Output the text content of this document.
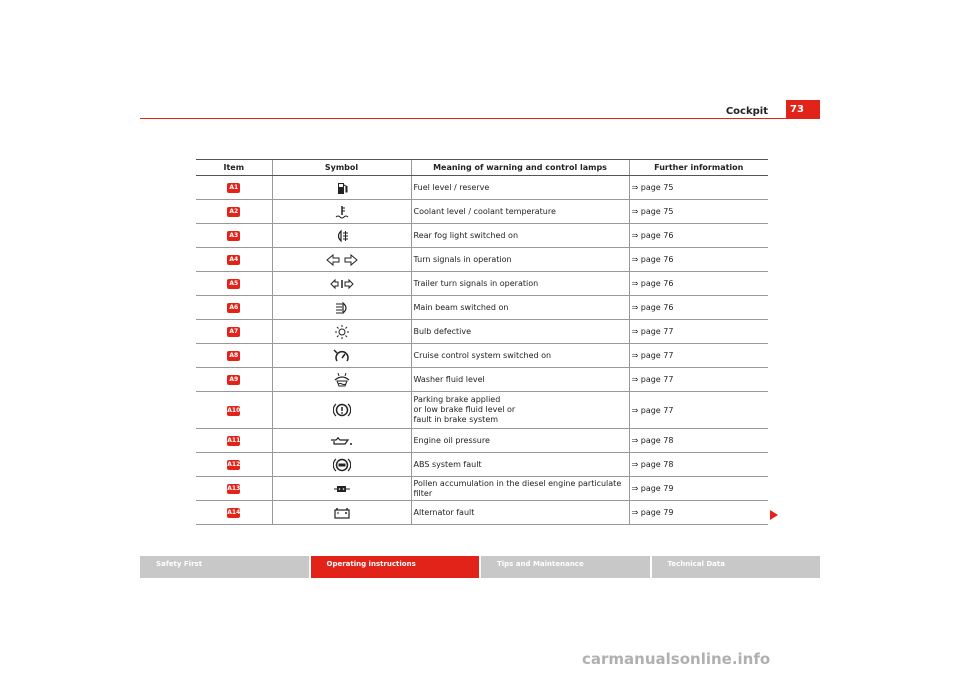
Cockpit	73
Item	Symbol	Meaning of warning and control lamps	Further information
A1		Fuel level / reserve	⇒ page 75
A2		Coolant level / coolant temperature	⇒ page 75
A3		Rear fog light switched on	⇒ page 76
A4		Turn signals in operation	⇒ page 76
A5		Trailer turn signals in operation	⇒ page 76
A6		Main beam switched on	⇒ page 76
A7		Bulb defective	⇒ page 77
A8		Cruise control system switched on	⇒ page 77
A9		Washer fluid level	⇒ page 77
A10		Parking brake applied
or low brake fluid level or
fault in brake system	⇒ page 77
A11		Engine oil pressure	⇒ page 78
A12		ABS system fault	⇒ page 78
A13		Pollen accumulation in the diesel engine particulate filter	⇒ page 79
A14		Alternator fault	⇒ page 79
Safety First	Operating instructions	Tips and Maintenance	Technical Data
carmanualsonline.info
